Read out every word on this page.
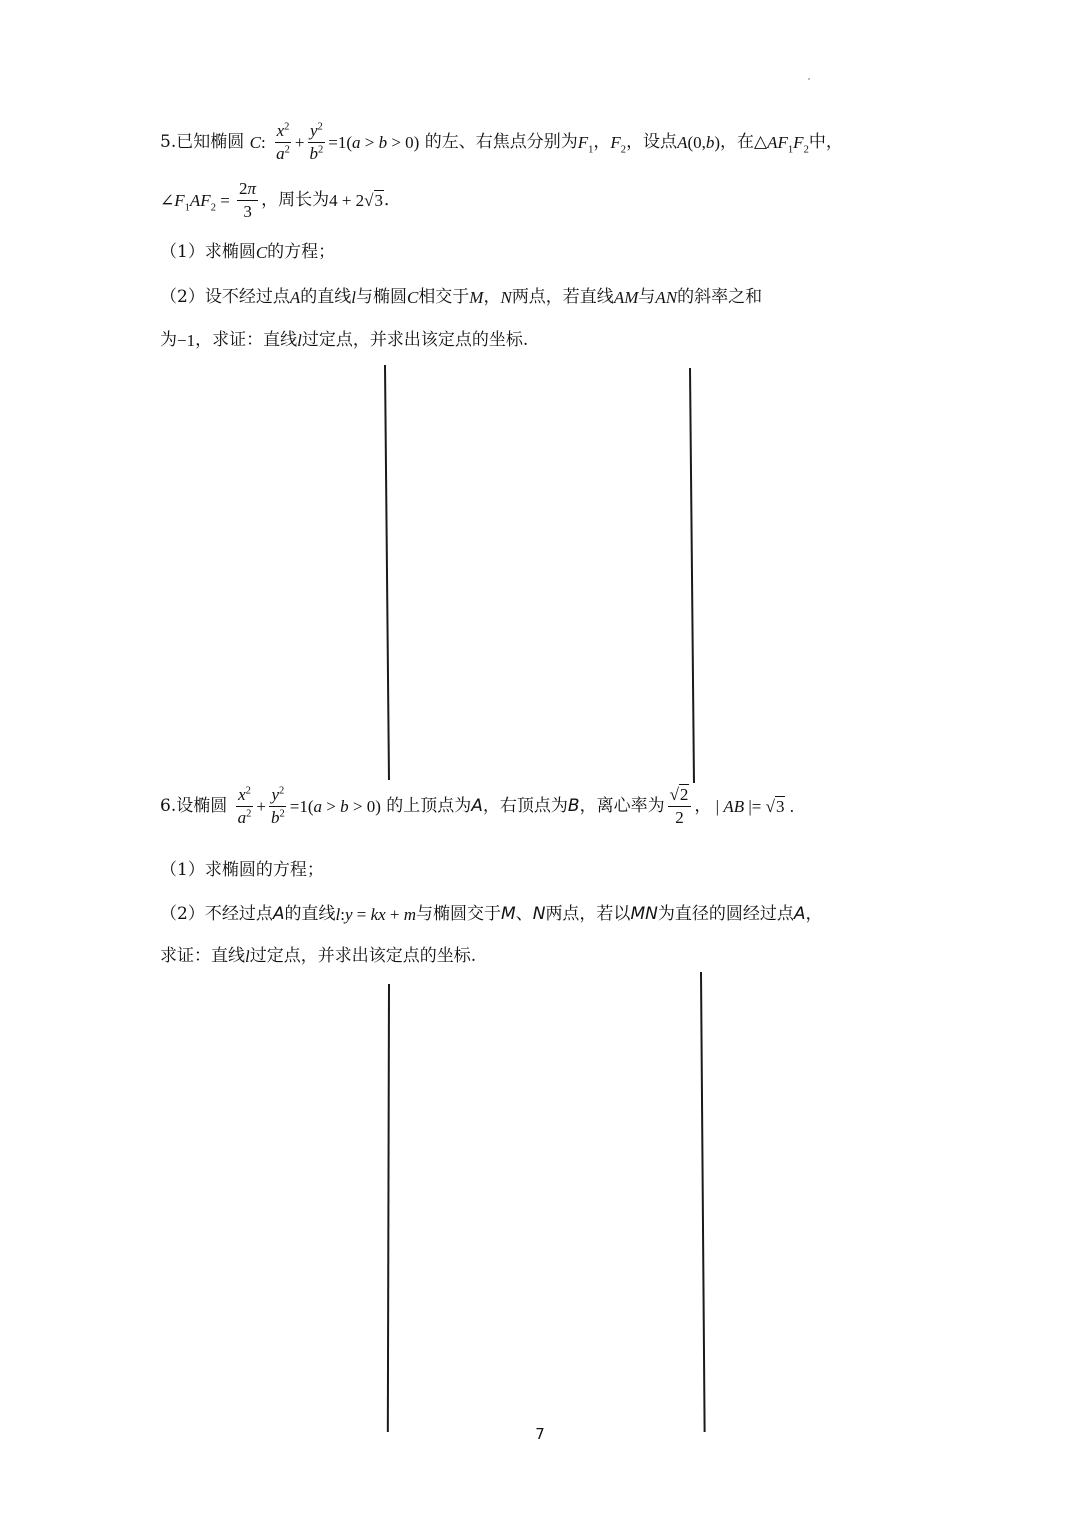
5.已知椭圆 C: $\frac{x^2}{a^2} + \frac{y^2}{b^2} =1(a > b > 0)$ 的左、右焦点分别为$F_1$，$F_2$，设点A(0,b)，在$\triangle AF_1F_2$中，
$\angle F_1AF_2 = \frac{2\pi}{3}$ ，周长为4 + 2√3．
（1）求椭圆C的方程；
（2）设不经过点A的直线l与椭圆C相交于M，N两点，若直线AM与AN的斜率之和
为−1，求证：直线l过定点，并求出该定点的坐标.
6.设椭圆 $\frac{x^2}{a^2} + \frac{y^2}{b^2} =1(a > b > 0)$ 的上顶点为A，右顶点为B，离心率为 $\frac{√2}{2}$ ， | AB |= √3 .
（1）求椭圆的方程；
（2）不经过点A的直线l:y = kx + m与椭圆交于M、N两点，若以MN为直径的圆经过点A，
求证：直线l过定点，并求出该定点的坐标.
7
